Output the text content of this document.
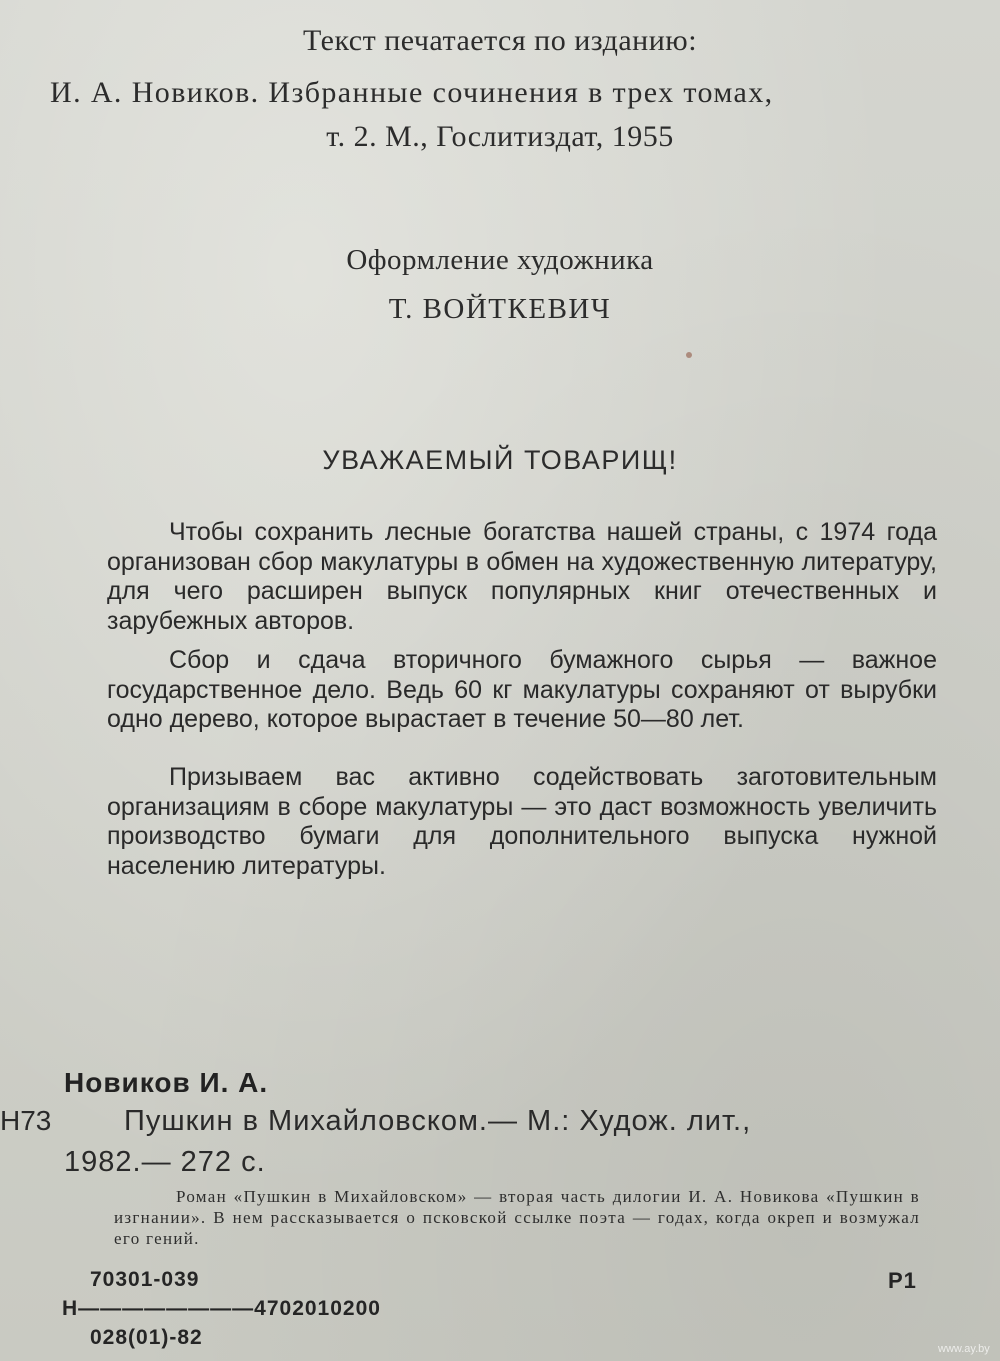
Текст печатается по изданию:
И. А. Новиков. Избранные сочинения в трех томах,
т. 2. М., Гослитиздат, 1955
Оформление художника
Т. ВОЙТКЕВИЧ
УВАЖАЕМЫЙ ТОВАРИЩ!
Чтобы сохранить лесные богатства нашей страны, с 1974 года организован сбор макулатуры в обмен на художественную литературу, для чего расширен выпуск популярных книг отечественных и зарубежных авторов.
Сбор и сдача вторичного бумажного сырья — важное государственное дело. Ведь 60 кг макулатуры сохраняют от вырубки одно дерево, которое вырастает в течение 50—80 лет.
Призываем вас активно содействовать заготовительным организациям в сборе макулатуры — это даст возможность увеличить производство бумаги для дополнительного выпуска нужной населению литературы.
Новиков И. А.
Н73	Пушкин в Михайловском.— М.: Худож. лит.,
1982.— 272 с.
Роман «Пушкин в Михайловском» — вторая часть дилогии И. А. Новикова «Пушкин в изгнании». В нем рассказывается о псковской ссылке поэта — годах, когда окреп и возмужал его гений.
70301-039
Н————————4702010200
028(01)-82
Р1
www.ay.by
